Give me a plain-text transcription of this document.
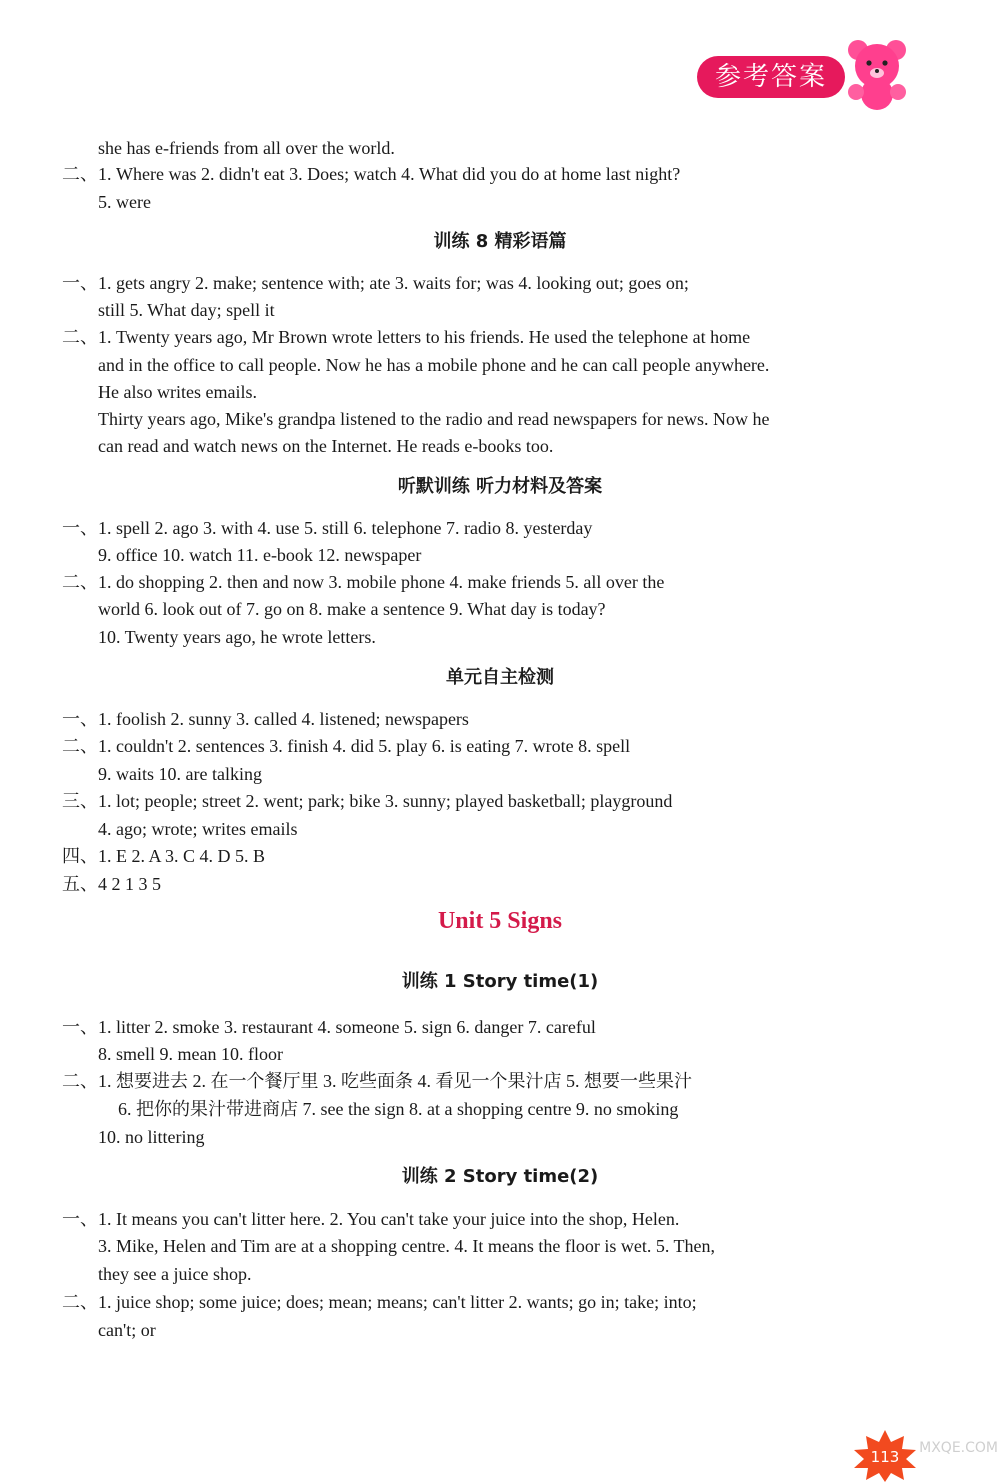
参考答案
she has e-friends from all over the world.
二、1. Where was 2. didn't eat 3. Does; watch 4. What did you do at home last night?
5. were
训练 8 精彩语篇
一、1. gets angry 2. make; sentence with; ate 3. waits for; was 4. looking out; goes on;
still 5. What day; spell it
二、1. Twenty years ago, Mr Brown wrote letters to his friends. He used the telephone at home
and in the office to call people. Now he has a mobile phone and he can call people anywhere.
He also writes emails.
Thirty years ago, Mike's grandpa listened to the radio and read newspapers for news. Now he
can read and watch news on the Internet. He reads e-books too.
听默训练 听力材料及答案
一、1. spell 2. ago 3. with 4. use 5. still 6. telephone 7. radio 8. yesterday
9. office 10. watch 11. e-book 12. newspaper
二、1. do shopping 2. then and now 3. mobile phone 4. make friends 5. all over the
world 6. look out of 7. go on 8. make a sentence 9. What day is today?
10. Twenty years ago, he wrote letters.
单元自主检测
一、1. foolish 2. sunny 3. called 4. listened; newspapers
二、1. couldn't 2. sentences 3. finish 4. did 5. play 6. is eating 7. wrote 8. spell
9. waits 10. are talking
三、1. lot; people; street 2. went; park; bike 3. sunny; played basketball; playground
4. ago; wrote; writes emails
四、1. E 2. A 3. C 4. D 5. B
五、4 2 1 3 5
Unit 5 Signs
训练 1 Story time(1)
一、1. litter 2. smoke 3. restaurant 4. someone 5. sign 6. danger 7. careful
8. smell 9. mean 10. floor
二、1. 想要进去 2. 在一个餐厅里 3. 吃些面条 4. 看见一个果汁店 5. 想要一些果汁
6. 把你的果汁带进商店 7. see the sign 8. at a shopping centre 9. no smoking
10. no littering
训练 2 Story time(2)
一、1. It means you can't litter here. 2. You can't take your juice into the shop, Helen.
3. Mike, Helen and Tim are at a shopping centre. 4. It means the floor is wet. 5. Then,
they see a juice shop.
二、1. juice shop; some juice; does; mean; means; can't litter 2. wants; go in; take; into;
can't; or
113	MXQE.COM
